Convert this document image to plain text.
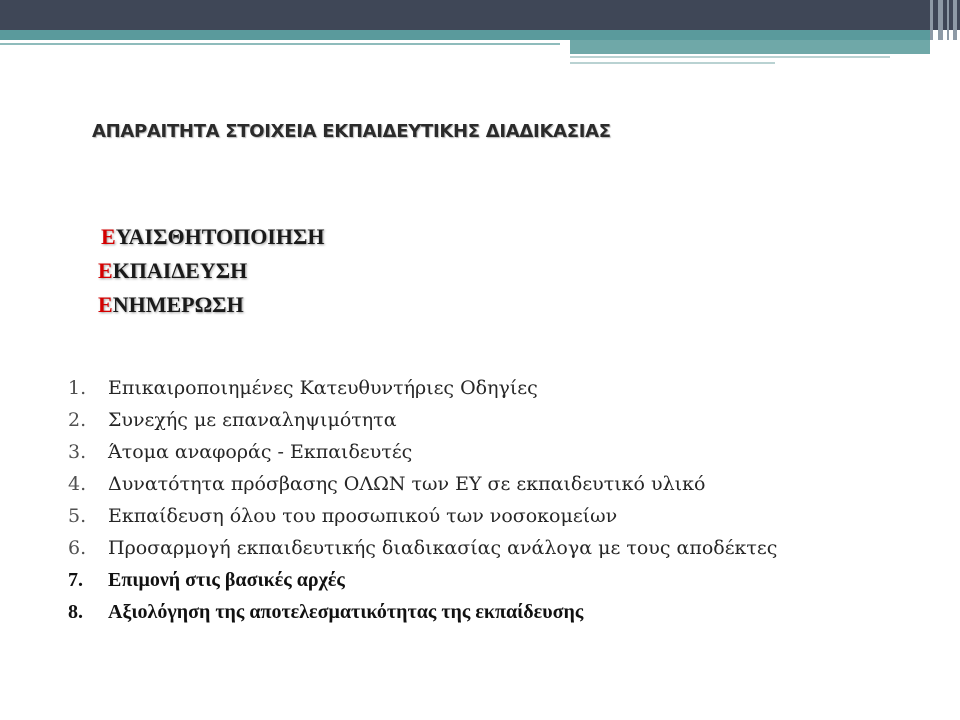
ΑΠΑΡΑΙΤΗΤΑ ΣΤΟΙΧΕΙΑ ΕΚΠΑΙΔΕΥΤΙΚΗΣ ΔΙΑΔΙΚΑΣΙΑΣ
ΕΥΑΙΣΘΗΤΟΠΟΙΗΣΗ
ΕΚΠΑΙΔΕΥΣΗ
ΕΝΗΜΕΡΩΣΗ
1.	Επικαιροποιημένες Κατευθυντήριες Οδηγίες
2.	Συνεχής με επαναληψιμότητα
3.	Άτομα αναφοράς - Εκπαιδευτές
4.	Δυνατότητα πρόσβασης ΟΛΩΝ των ΕΥ σε εκπαιδευτικό υλικό
5.	Εκπαίδευση όλου του προσωπικού των νοσοκομείων
6.	Προσαρμογή εκπαιδευτικής διαδικασίας ανάλογα με τους αποδέκτες
7.	Επιμονή στις βασικές αρχές
8.	Αξιολόγηση της αποτελεσματικότητας της εκπαίδευσης
